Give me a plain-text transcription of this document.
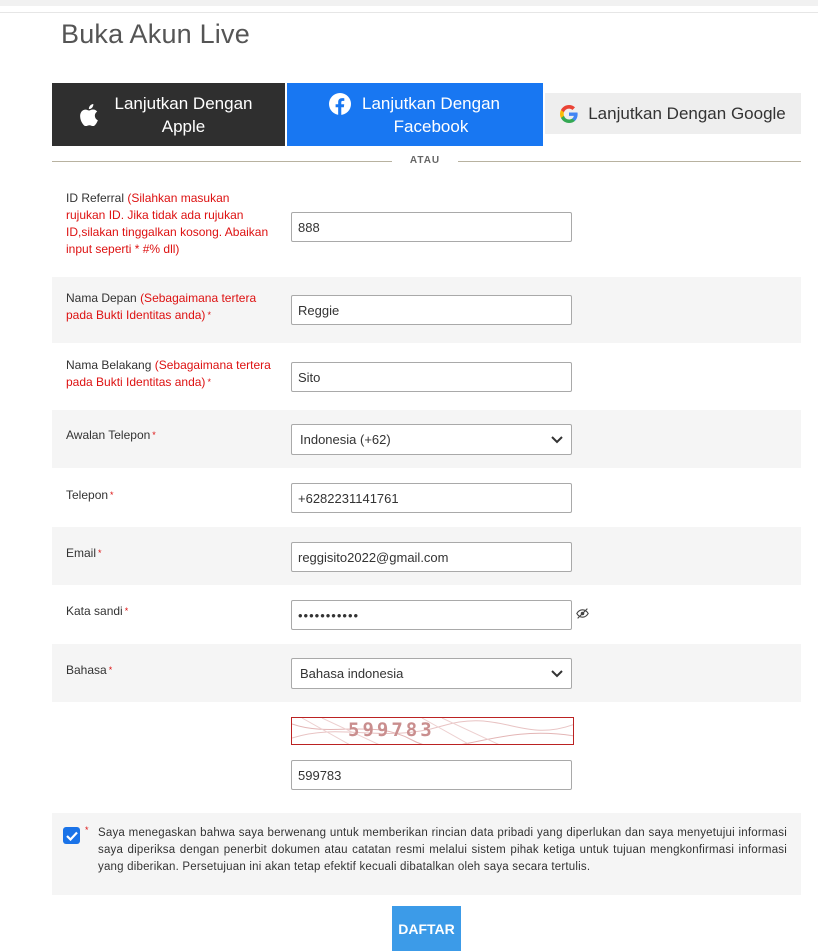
Buka Akun Live
Lanjutkan Dengan Apple
Lanjutkan Dengan Facebook
Lanjutkan Dengan Google
ATAU
ID Referral (Silahkan masukan rujukan ID. Jika tidak ada rujukan ID,silakan tinggalkan kosong. Abaikan input seperti * #% dll)
888
Nama Depan (Sebagaimana tertera pada Bukti Identitas anda) *
Reggie
Nama Belakang (Sebagaimana tertera pada Bukti Identitas anda) *
Sito
Awalan Telepon *	Indonesia (+62)
Telepon *
+6282231141761
Email *
reggisito2022@gmail.com
Kata sandi *
•••••••••••
Bahasa *	Bahasa indonesia
599783
599783
* Saya menegaskan bahwa saya berwenang untuk memberikan rincian data pribadi yang diperlukan dan saya menyetujui informasi saya diperiksa dengan penerbit dokumen atau catatan resmi melalui sistem pihak ketiga untuk tujuan mengkonfirmasi informasi yang diberikan. Persetujuan ini akan tetap efektif kecuali dibatalkan oleh saya secara tertulis.

DAFTAR
